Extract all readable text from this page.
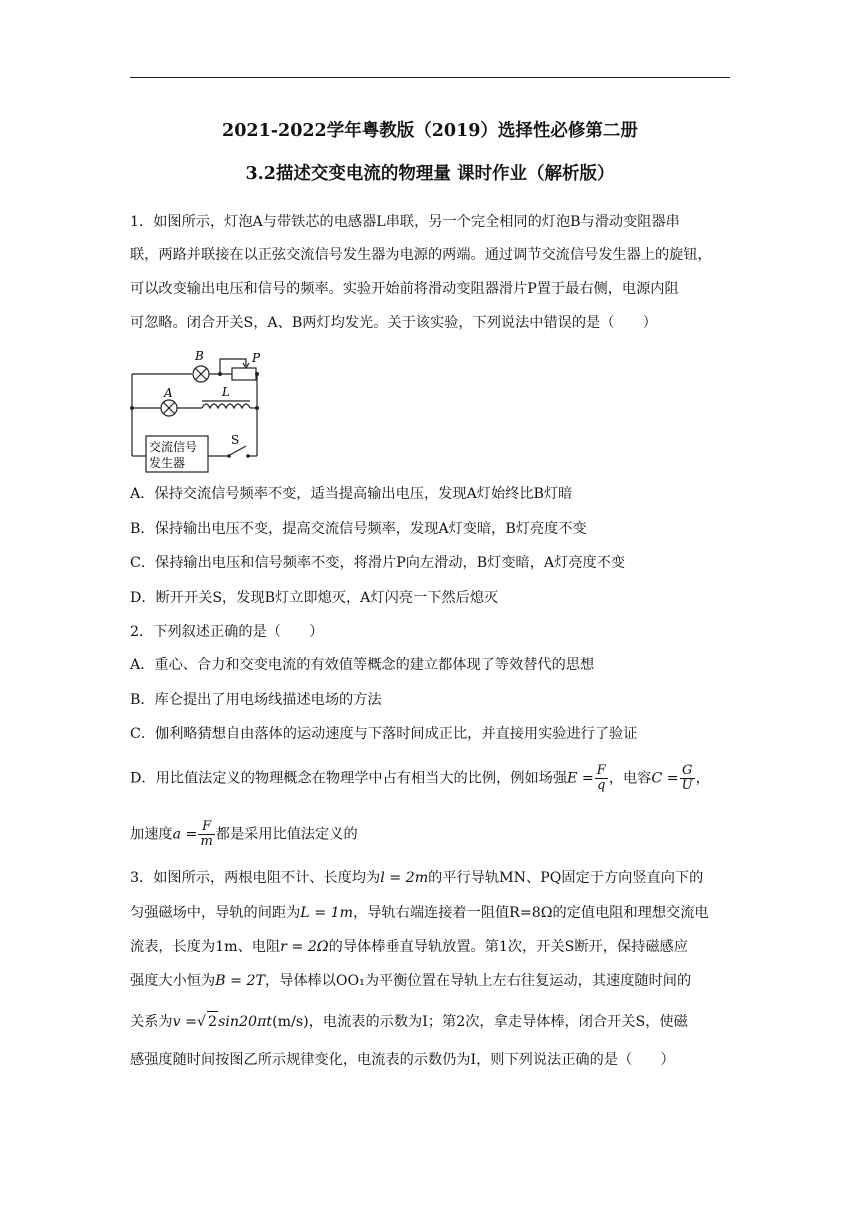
2021-2022学年粤教版（2019）选择性必修第二册
3.2描述交变电流的物理量 课时作业（解析版）
1．如图所示，灯泡A与带铁芯的电感器L串联，另一个完全相同的灯泡B与滑动变阻器串
联，两路并联接在以正弦交流信号发生器为电源的两端。通过调节交流信号发生器上的旋钮，
可以改变输出电压和信号的频率。实验开始前将滑动变阻器滑片P置于最右侧，电源内阻
可忽略。闭合开关S，A、B两灯均发光。关于该实验，下列说法中错误的是（　　）
B	P
A	L
S
交流信号
发生器
A．保持交流信号频率不变，适当提高输出电压，发现A灯始终比B灯暗
B．保持输出电压不变，提高交流信号频率，发现A灯变暗，B灯亮度不变
C．保持输出电压和信号频率不变，将滑片P向左滑动，B灯变暗，A灯亮度不变
D．断开开关S，发现B灯立即熄灭，A灯闪亮一下然后熄灭
2．下列叙述正确的是（　　）
A．重心、合力和交变电流的有效值等概念的建立都体现了等效替代的思想
B．库仑提出了用电场线描述电场的方法
C．伽利略猜想自由落体的运动速度与下落时间成正比，并直接用实验进行了验证
D．用比值法定义的物理概念在物理学中占有相当大的比例，例如场强$E = \frac{F}{q}$ ，电容$C = \frac{G}{U}$ ，
加速度$a = \frac{F}{m}$ 都是采用比值法定义的
3．如图所示，两根电阻不计、长度均为l = 2m的平行导轨MN、PQ固定于方向竖直向下的
匀强磁场中，导轨的间距为L = 1m，导轨右端连接着一阻值R=8Ω的定值电阻和理想交流电
流表，长度为1m、电阻r = 2Ω的导体棒垂直导轨放置。第1次，开关S断开，保持磁感应
强度大小恒为B = 2T，导体棒以OO₁为平衡位置在导轨上左右往复运动，其速度随时间的
关系为v =√ 2sin20πt(m/s)，电流表的示数为I；第2次，拿走导体棒，闭合开关S，使磁
感强度随时间按图乙所示规律变化，电流表的示数仍为I，则下列说法正确的是（　　）
